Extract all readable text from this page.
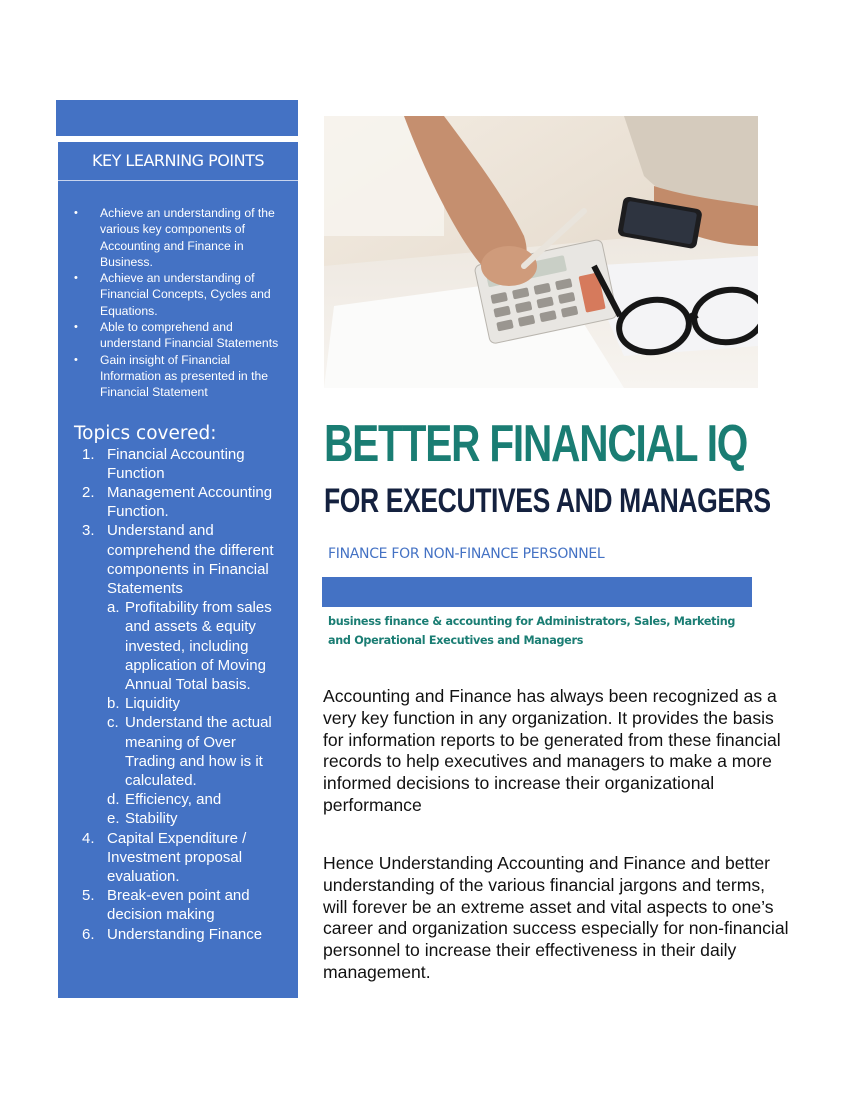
KEY LEARNING POINTS
• Achieve an understanding of the various key components of Accounting and Finance in Business.
• Achieve an understanding of Financial Concepts, Cycles and Equations.
• Able to comprehend and understand Financial Statements
• Gain insight of Financial Information as presented in the Financial Statement
Topics covered:
1. Financial Accounting Function
2. Management Accounting Function.
3. Understand and comprehend the different components in Financial Statements
a. Profitability from sales and assets & equity invested, including application of Moving Annual Total basis.
b. Liquidity
c. Understand the actual meaning of Over Trading and how is it calculated.
d. Efficiency, and
e. Stability
4. Capital Expenditure / Investment proposal evaluation.
5. Break-even point and decision making
6. Understanding Finance
BETTER FINANCIAL IQ
FOR EXECUTIVES AND MANAGERS
FINANCE FOR NON-FINANCE PERSONNEL
business finance & accounting for Administrators, Sales, Marketing
and Operational Executives and Managers

Accounting and Finance has always been recognized as a very key function in any organization. It provides the basis for information reports to be generated from these financial records to help executives and managers to make a more informed decisions to increase their organizational performance

Hence Understanding Accounting and Finance and better understanding of the various financial jargons and terms, will forever be an extreme asset and vital aspects to one’s career and organization success especially for non-financial personnel to increase their effectiveness in their daily management.
